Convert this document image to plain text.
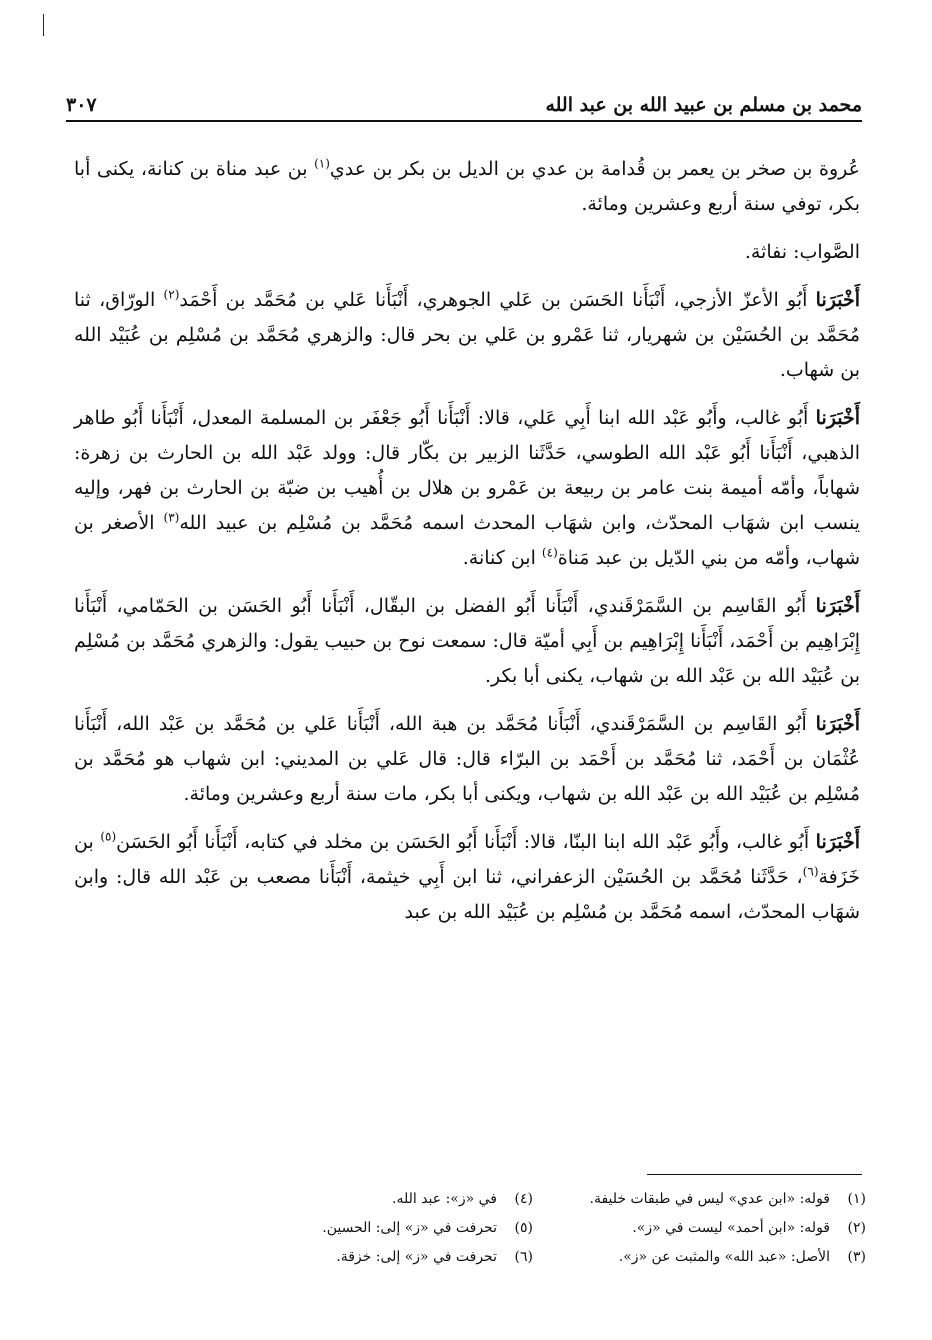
محمد بن مسلم بن عبيد الله بن عبد الله
٣٠٧

عُروة بن صخر بن يعمر بن قُدامة بن عدي بن الديل بن بكر بن عدي$^{(١)}$ بن عبد مناة بن كنانة، يكنى أبا بكر، توفي سنة أربع وعشرين ومائة.

الصَّواب: نفاثة.

أَخْبَرَنا أَبُو الأعزّ الأزجي، أَنْبَأَنا الحَسَن بن عَلي الجوهري، أَنْبَأَنا عَلي بن مُحَمَّد بن أَحْمَد$^{(٢)}$ الورّاق، ثنا مُحَمَّد بن الحُسَيْن بن شهريار، ثنا عَمْرو بن عَلي بن بحر قال: والزهري مُحَمَّد بن مُسْلِم بن عُبَيْد الله بن شهاب.

أَخْبَرَنا أَبُو غالب، وأَبُو عَبْد الله ابنا أَبِي عَلي، قالا: أَنْبَأَنا أَبُو جَعْفَر بن المسلمة المعدل، أَنْبَأَنا أَبُو طاهر الذهبي، أَنْبَأَنا أَبُو عَبْد الله الطوسي، حَدَّثَنا الزبير بن بكّار قال: وولد عَبْد الله بن الحارث بن زهرة: شهاباً، وأمّه أميمة بنت عامر بن ربيعة بن عَمْرو بن هلال بن أُهيب بن ضبّة بن الحارث بن فهر، وإليه ينسب ابن شهَاب المحدّث، وابن شهَاب المحدث اسمه مُحَمَّد بن مُسْلِم بن عبيد الله$^{(٣)}$ الأصغر بن شهاب، وأمّه من بني الدّيل بن عبد مَناة$^{(٤)}$ ابن كنانة.

أَخْبَرَنا أَبُو القَاسِم بن السَّمَرْقَندي، أَنْبَأَنا أَبُو الفضل بن البقّال، أَنْبَأَنا أَبُو الحَسَن بن الحَمّامي، أَنْبَأَنا إِبْرَاهِيم بن أَحْمَد، أَنْبَأَنا إِبْرَاهِيم بن أَبِي أميّة قال: سمعت نوح بن حبيب يقول: والزهري مُحَمَّد بن مُسْلِم بن عُبَيْد الله بن عَبْد الله بن شهاب، يكنى أبا بكر.

أَخْبَرَنا أَبُو القَاسِم بن السَّمَرْقَندي، أَنْبَأَنا مُحَمَّد بن هبة الله، أَنْبَأَنا عَلي بن مُحَمَّد بن عَبْد الله، أَنْبَأَنا عُثْمَان بن أَحْمَد، ثنا مُحَمَّد بن أَحْمَد بن البرّاء قال: قال عَلي بن المديني: ابن شهاب هو مُحَمَّد بن مُسْلِم بن عُبَيْد الله بن عَبْد الله بن شهاب، ويكنى أبا بكر، مات سنة أربع وعشرين ومائة.

أَخْبَرَنا أَبُو غالب، وأَبُو عَبْد الله ابنا البنّا، قالا: أَنْبَأَنا أَبُو الحَسَن بن مخلد في كتابه، أَنْبَأَنا أَبُو الحَسَن$^{(٥)}$ بن خَزَفة$^{(٦)}$، حَدَّثَنا مُحَمَّد بن الحُسَيْن الزعفراني، ثنا ابن أَبِي خيثمة، أَنْبَأَنا مصعب بن عَبْد الله قال: وابن شهَاب المحدّث، اسمه مُحَمَّد بن مُسْلِم بن عُبَيْد الله بن عبد

(١)
قوله: «ابن عدي» ليس في طبقات خليفة.
(٤)
في «ز»: عبد الله.
(٢)
قوله: «ابن أحمد» ليست في «ز».
(٥)
تحرفت في «ز» إلى: الحسين.
(٣)
الأصل: «عبد الله» والمثبت عن «ز».
(٦)
تحرفت في «ز» إلى: خزقة.
